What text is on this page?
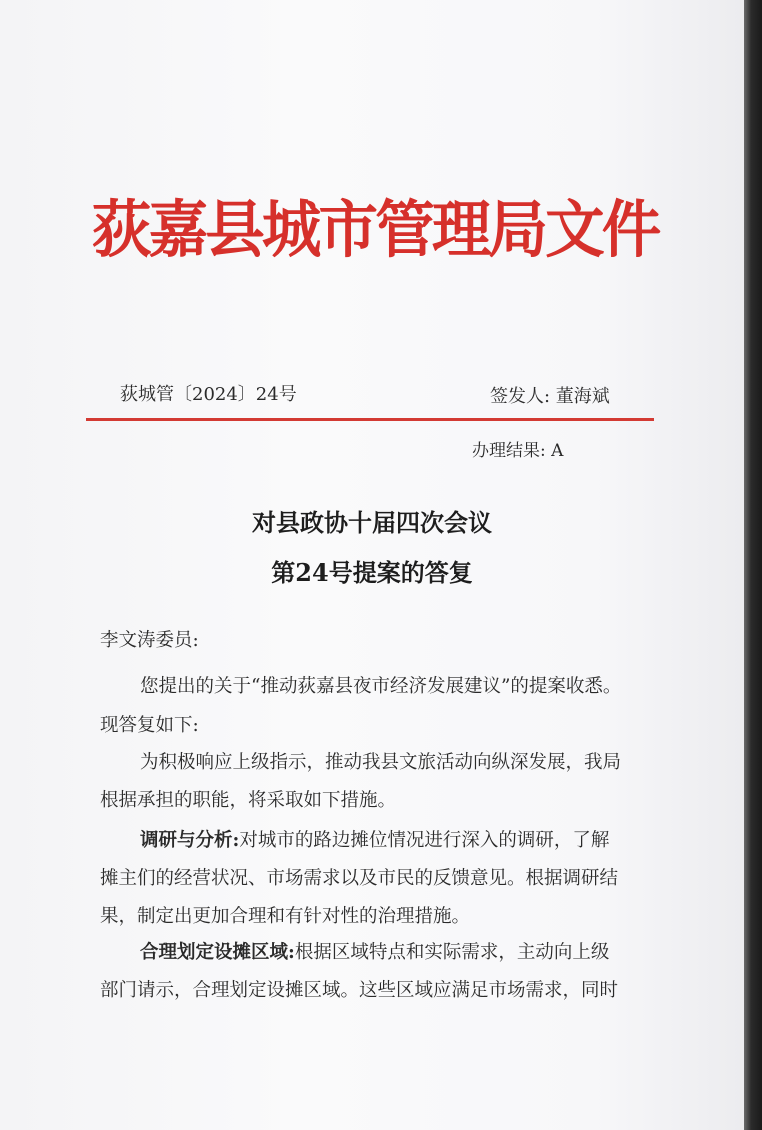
荻嘉县城市管理局文件
荻城管〔2024〕24号	签发人: 董海斌
办理结果: A
对县政协十届四次会议
第24号提案的答复
李文涛委员:
您提出的关于“推动荻嘉县夜市经济发展建议”的提案收悉。
现答复如下:
为积极响应上级指示，推动我县文旅活动向纵深发展，我局
根据承担的职能，将采取如下措施。
调研与分析:对城市的路边摊位情况进行深入的调研，了解
摊主们的经营状况、市场需求以及市民的反馈意见。根据调研结
果，制定出更加合理和有针对性的治理措施。
合理划定设摊区域:根据区域特点和实际需求，主动向上级
部门请示，合理划定设摊区域。这些区域应满足市场需求，同时
